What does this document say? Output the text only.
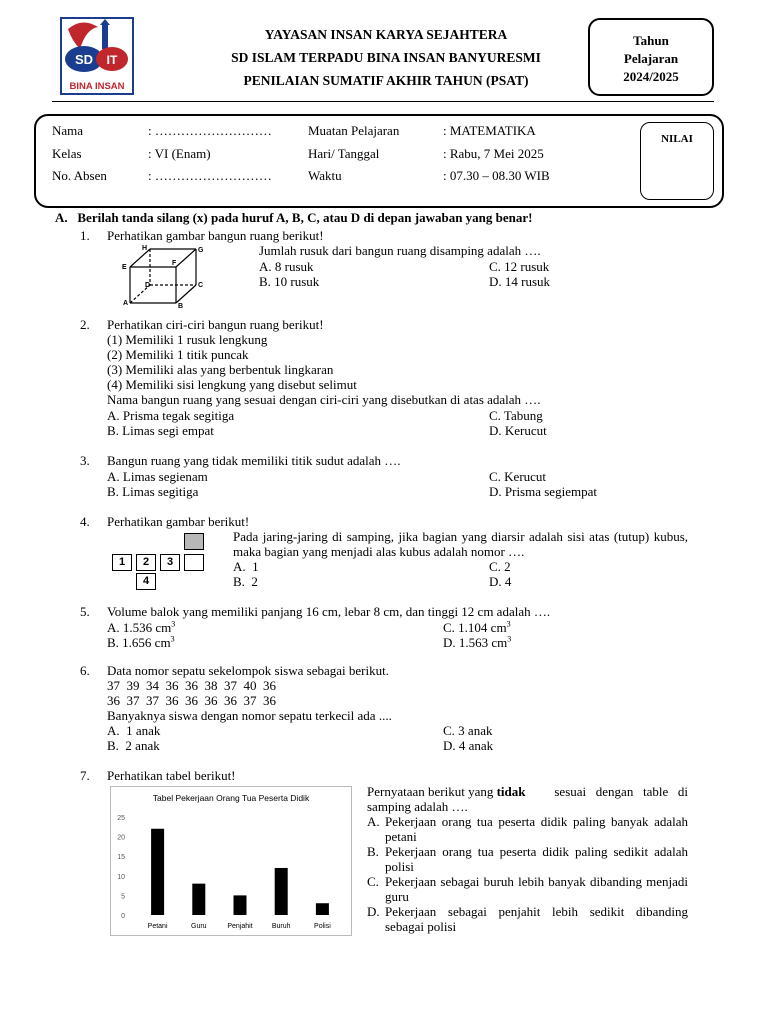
SD IT
BINA INSAN
YAYASAN INSAN KARYA SEJAHTERA
SD ISLAM TERPADU BINA INSAN BANYURESMI
PENILAIAN SUMATIF AKHIR TAHUN (PSAT)
Tahun
Pelajaran
2024/2025
Nama	: ………………………
Kelas	: VI (Enam)
No. Absen	: ………………………
Muatan Pelajaran	: MATEMATIKA
Hari/ Tanggal	: Rabu, 7 Mei 2025
Waktu	: 07.30 – 08.30 WIB
NILAI
A.   Berilah tanda silang (x) pada huruf A, B, C, atau D di depan jawaban yang benar!
1. Perhatikan gambar bangun ruang berikut!
H	G
E
F
D	C
A	B
Jumlah rusuk dari bangun ruang disamping adalah ….
A. 8 rusuk
B. 10 rusuk
C. 12 rusuk
D. 14 rusuk
2. Perhatikan ciri-ciri bangun ruang berikut!
(1) Memiliki 1 rusuk lengkung
(2) Memiliki 1 titik puncak
(3) Memiliki alas yang berbentuk lingkaran
(4) Memiliki sisi lengkung yang disebut selimut
Nama bangun ruang yang sesuai dengan ciri-ciri yang disebutkan di atas adalah ….
A. Prisma tegak segitiga
B. Limas segi empat
C. Tabung
D. Kerucut
3. Bangun ruang yang tidak memiliki titik sudut adalah ….
A. Limas segienam
B. Limas segitiga
C. Kerucut
D. Prisma segiempat
4. Perhatikan gambar berikut!
1	2	3
4
Pada jaring-jaring di samping, jika bagian yang diarsir adalah sisi atas (tutup) kubus, maka bagian yang menjadi alas kubus adalah nomor ….
A.  1
B.  2
C. 2
D. 4
5. Volume balok yang memiliki panjang 16 cm, lebar 8 cm, dan tinggi 12 cm adalah ….
A. 1.536 $cm^3$
B. 1.656 $cm^3$
C. 1.104 $cm^3$
D. 1.563 $cm^3$
6. Data nomor sepatu sekelompok siswa sebagai berikut.
37  39  34  36  36  38  37  40  36
36  37  37  36  36  36  36  37  36
Banyaknya siswa dengan nomor sepatu terkecil ada ....
A.  1 anak
B.  2 anak
C. 3 anak
D. 4 anak
7. Perhatikan tabel berikut!
Tabel Pekerjaan Orang Tua Peserta Didik
0
5
10
15
20
25
Petani	Guru	Penjahit	Buruh	Polisi
Pernyataan berikut yang tidak	sesuai dengan table di samping adalah ….
A. Pekerjaan orang tua peserta didik paling banyak adalah petani
B. Pekerjaan orang tua peserta didik paling sedikit adalah polisi
C. Pekerjaan sebagai buruh lebih banyak dibanding menjadi guru
D. Pekerjaan sebagai penjahit lebih sedikit dibanding sebagai polisi
